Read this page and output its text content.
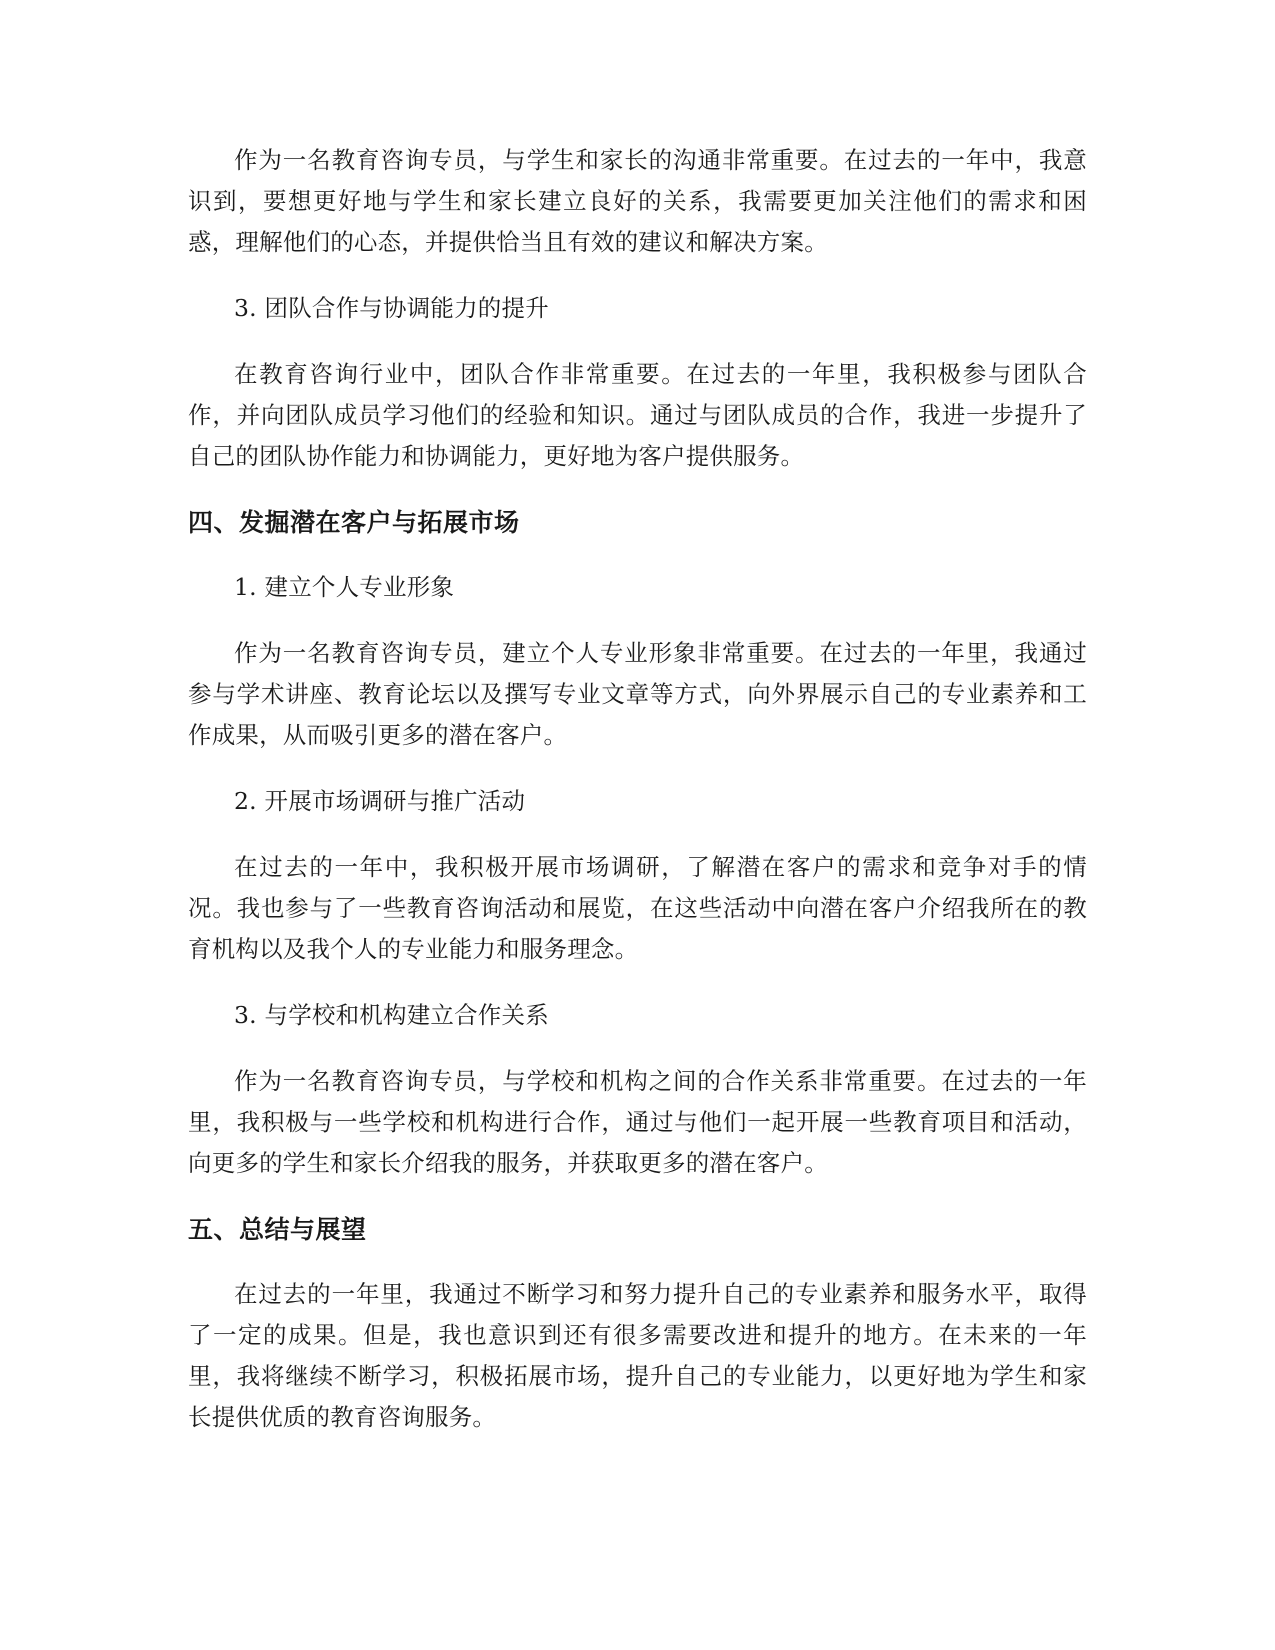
作为一名教育咨询专员，与学生和家长的沟通非常重要。在过去的一年中，我意识到，要想更好地与学生和家长建立良好的关系，我需要更加关注他们的需求和困惑，理解他们的心态，并提供恰当且有效的建议和解决方案。

3. 团队合作与协调能力的提升

在教育咨询行业中，团队合作非常重要。在过去的一年里，我积极参与团队合作，并向团队成员学习他们的经验和知识。通过与团队成员的合作，我进一步提升了自己的团队协作能力和协调能力，更好地为客户提供服务。

四、发掘潜在客户与拓展市场

1. 建立个人专业形象

作为一名教育咨询专员，建立个人专业形象非常重要。在过去的一年里，我通过参与学术讲座、教育论坛以及撰写专业文章等方式，向外界展示自己的专业素养和工作成果，从而吸引更多的潜在客户。

2. 开展市场调研与推广活动

在过去的一年中，我积极开展市场调研，了解潜在客户的需求和竞争对手的情况。我也参与了一些教育咨询活动和展览，在这些活动中向潜在客户介绍我所在的教育机构以及我个人的专业能力和服务理念。

3. 与学校和机构建立合作关系

作为一名教育咨询专员，与学校和机构之间的合作关系非常重要。在过去的一年里，我积极与一些学校和机构进行合作，通过与他们一起开展一些教育项目和活动，向更多的学生和家长介绍我的服务，并获取更多的潜在客户。

五、总结与展望

在过去的一年里，我通过不断学习和努力提升自己的专业素养和服务水平，取得了一定的成果。但是，我也意识到还有很多需要改进和提升的地方。在未来的一年里，我将继续不断学习，积极拓展市场，提升自己的专业能力，以更好地为学生和家长提供优质的教育咨询服务。
